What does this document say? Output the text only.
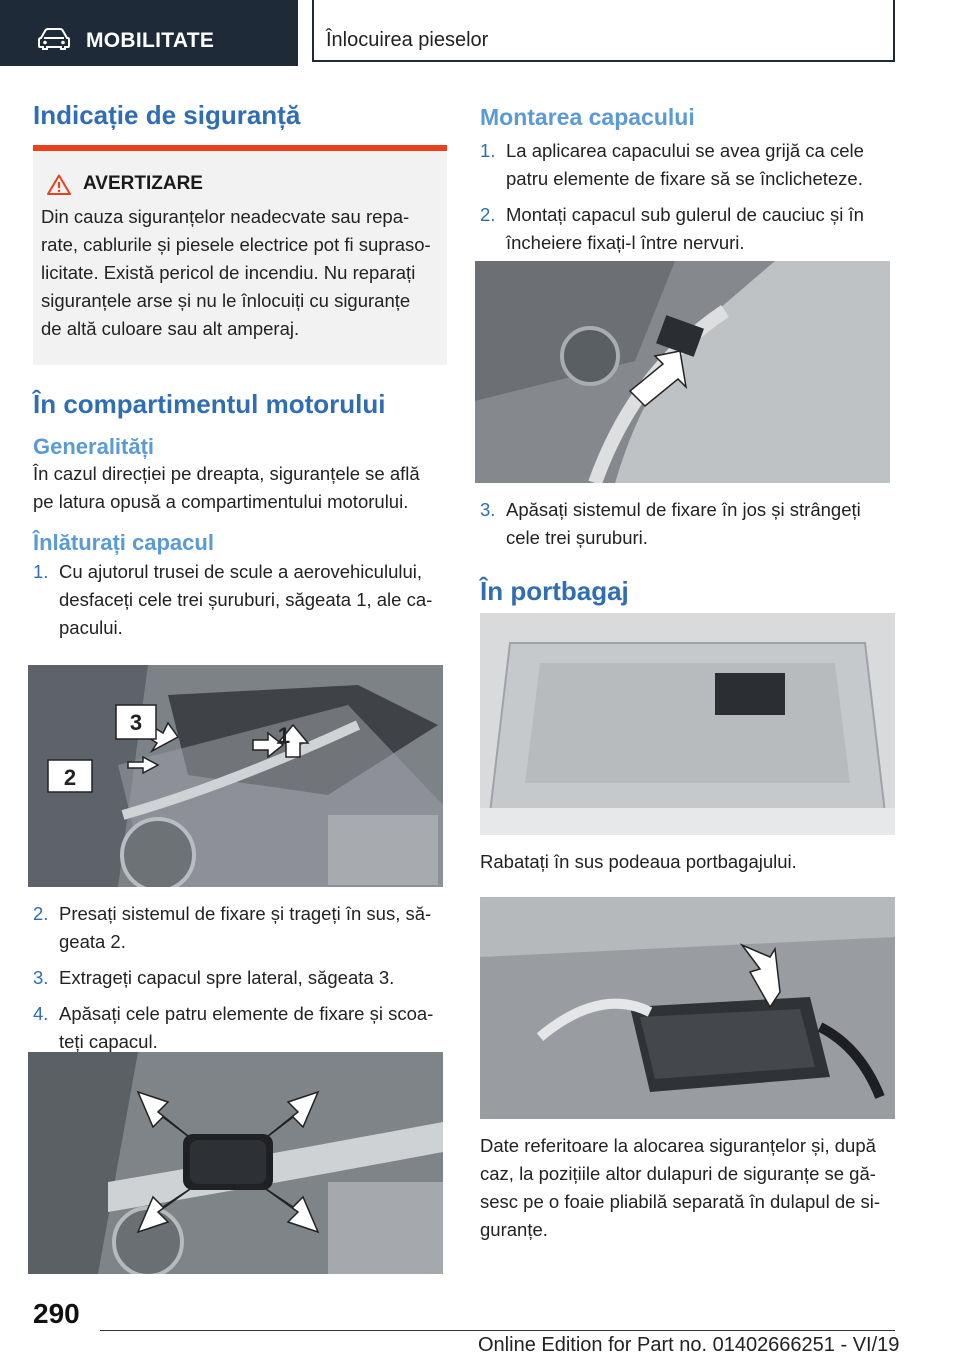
MOBILITATE	Înlocuirea pieselor
Indicație de siguranță
AVERTIZARE
Din cauza siguranțelor neadecvate sau repa-
rate, cablurile și piesele electrice pot fi supraso-
licitate. Există pericol de incendiu. Nu reparați
siguranțele arse și nu le înlocuiți cu siguranțe
de altă culoare sau alt amperaj.
În compartimentul motorului
Generalități

În cazul direcției pe dreapta, siguranțele se află
pe latura opusă a compartimentului motorului.

Înlăturați capacul
1. Cu ajutorul trusei de scule a aerovehiculului,
desfaceți cele trei șuruburi, săgeata 1, ale ca-
pacului.
2
3
1
2. Presați sistemul de fixare și trageți în sus, să-
geata 2.
3. Extrageți capacul spre lateral, săgeata 3.
4. Apăsați cele patru elemente de fixare și scoa-
teți capacul.
Montarea capacului
1. La aplicarea capacului se avea grijă ca cele
patru elemente de fixare să se înclicheteze.
2. Montați capacul sub gulerul de cauciuc și în
încheiere fixați-l între nervuri.
3. Apăsați sistemul de fixare în jos și strângeți
cele trei șuruburi.
În portbagaj

Rabatați în sus podeaua portbagajului.

Date referitoare la alocarea siguranțelor și, după
caz, la pozițiile altor dulapuri de siguranțe se gă-
sesc pe o foaie pliabilă separată în dulapul de si-
guranțe.

290
Online Edition for Part no. 01402666251 - VI/19
